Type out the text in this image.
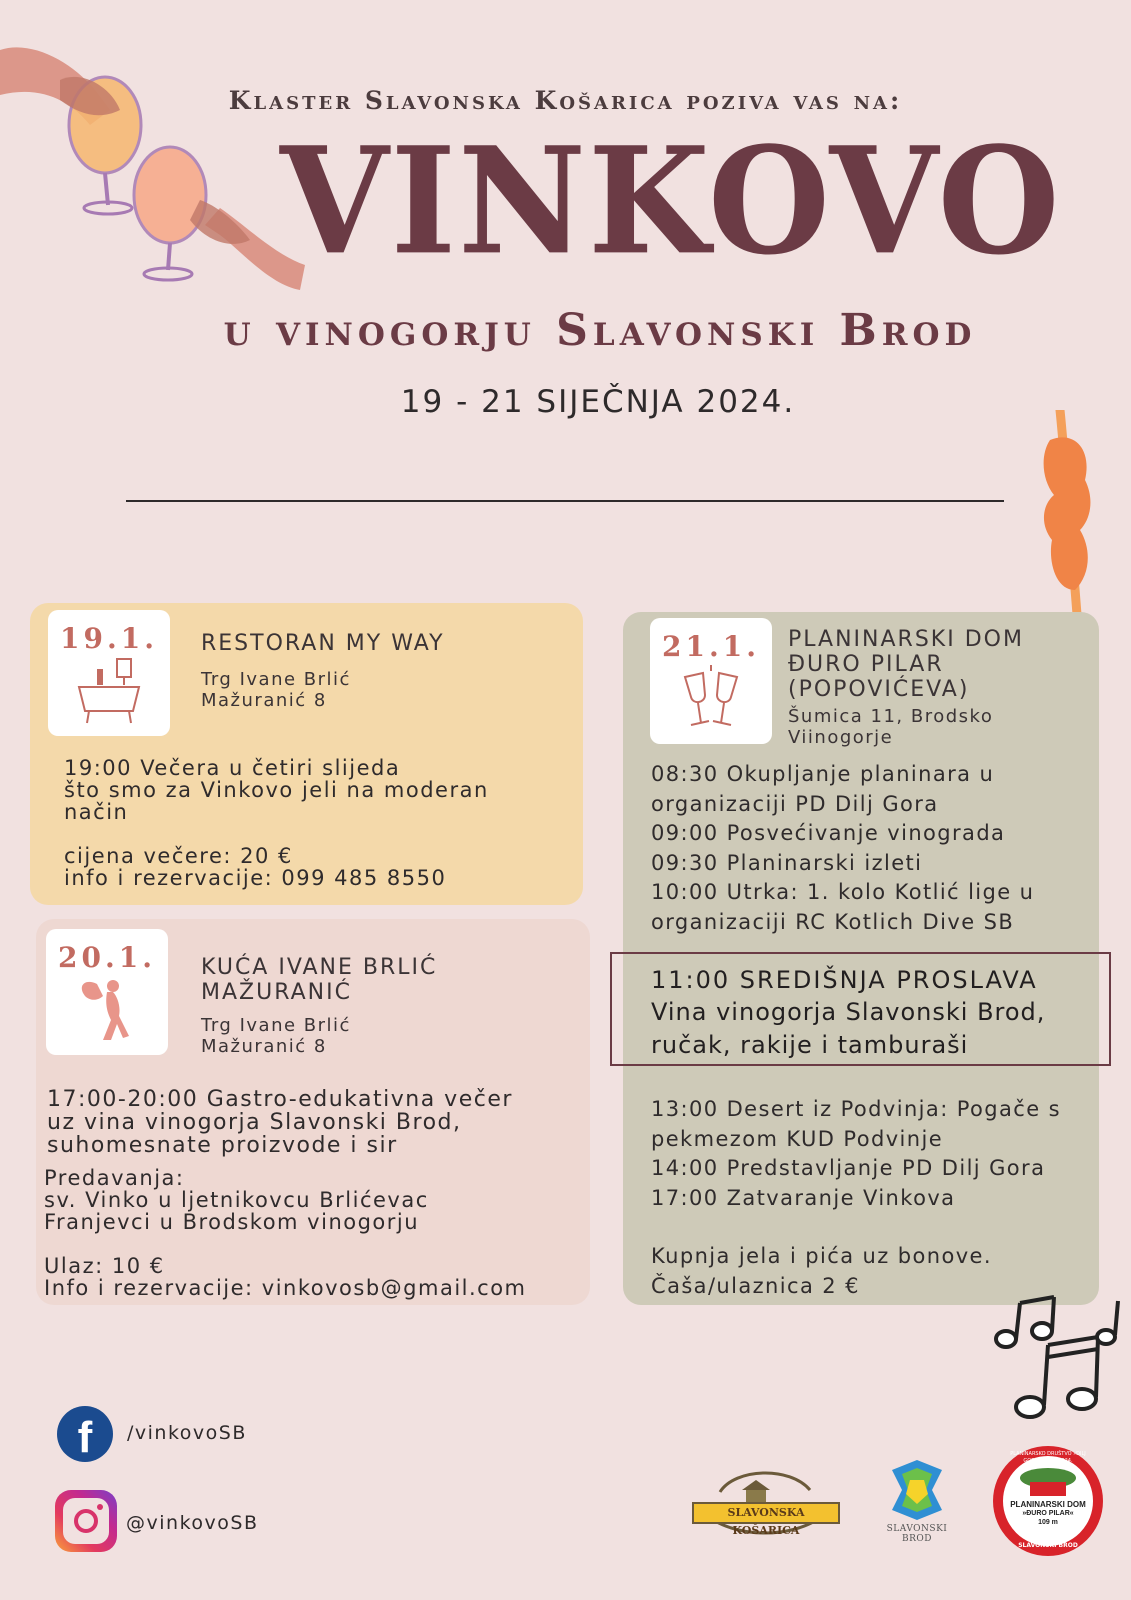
Klaster Slavonska Košarica poziva vas na:
VINKOVO
u vinogorju Slavonski Brod
19 - 21 SIJEČNJA 2024.
19.1.	RESTORAN MY WAY
Trg Ivane Brlić
Mažuranić 8
19:00 Večera u četiri slijeda
što smo za Vinkovo jeli na moderan
način
cijena večere: 20 €
info i rezervacije: 099 485 8550
20.1.	KUĆA IVANE BRLIĆ
MAŽURANIĆ
Trg Ivane Brlić
Mažuranić 8
17:00-20:00 Gastro-edukativna večer
uz vina vinogorja Slavonski Brod,
suhomesnate proizvode i sir
Predavanja:
sv. Vinko u ljetnikovcu Brlićevac
Franjevci u Brodskom vinogorju
Ulaz: 10 €
Info i rezervacije: vinkovosb@gmail.com
21.1.	PLANINARSKI DOM
ĐURO PILAR
(POPOVIĆEVA)
Šumica 11, Brodsko
Viinogorje
08:30 Okupljanje planinara u
organizaciji PD Dilj Gora
09:00 Posvećivanje vinograda
09:30 Planinarski izleti
10:00 Utrka: 1. kolo Kotlić lige u
organizaciji RC Kotlich Dive SB
11:00 SREDIŠNJA PROSLAVA
Vina vinogorja Slavonski Brod,
ručak, rakije i tamburaši
13:00 Desert iz Podvinja: Pogače s
pekmezom KUD Podvinje
14:00 Predstavljanje PD Dilj Gora
17:00 Zatvaranje Vinkova
Kupnja jela i pića uz bonove.
Čaša/ulaznica 2 €
f	/vinkovoSB
@vinkovoSB	SLAVONSKA KOŠARICA	SLAVONSKI BROD
PLANINARSKO DRUŠTVO »DILJ GORA« 25.07.1924.
PLANINARSKI DOM
»ĐURO PILAR«
109 m
SLAVONSKI BROD
